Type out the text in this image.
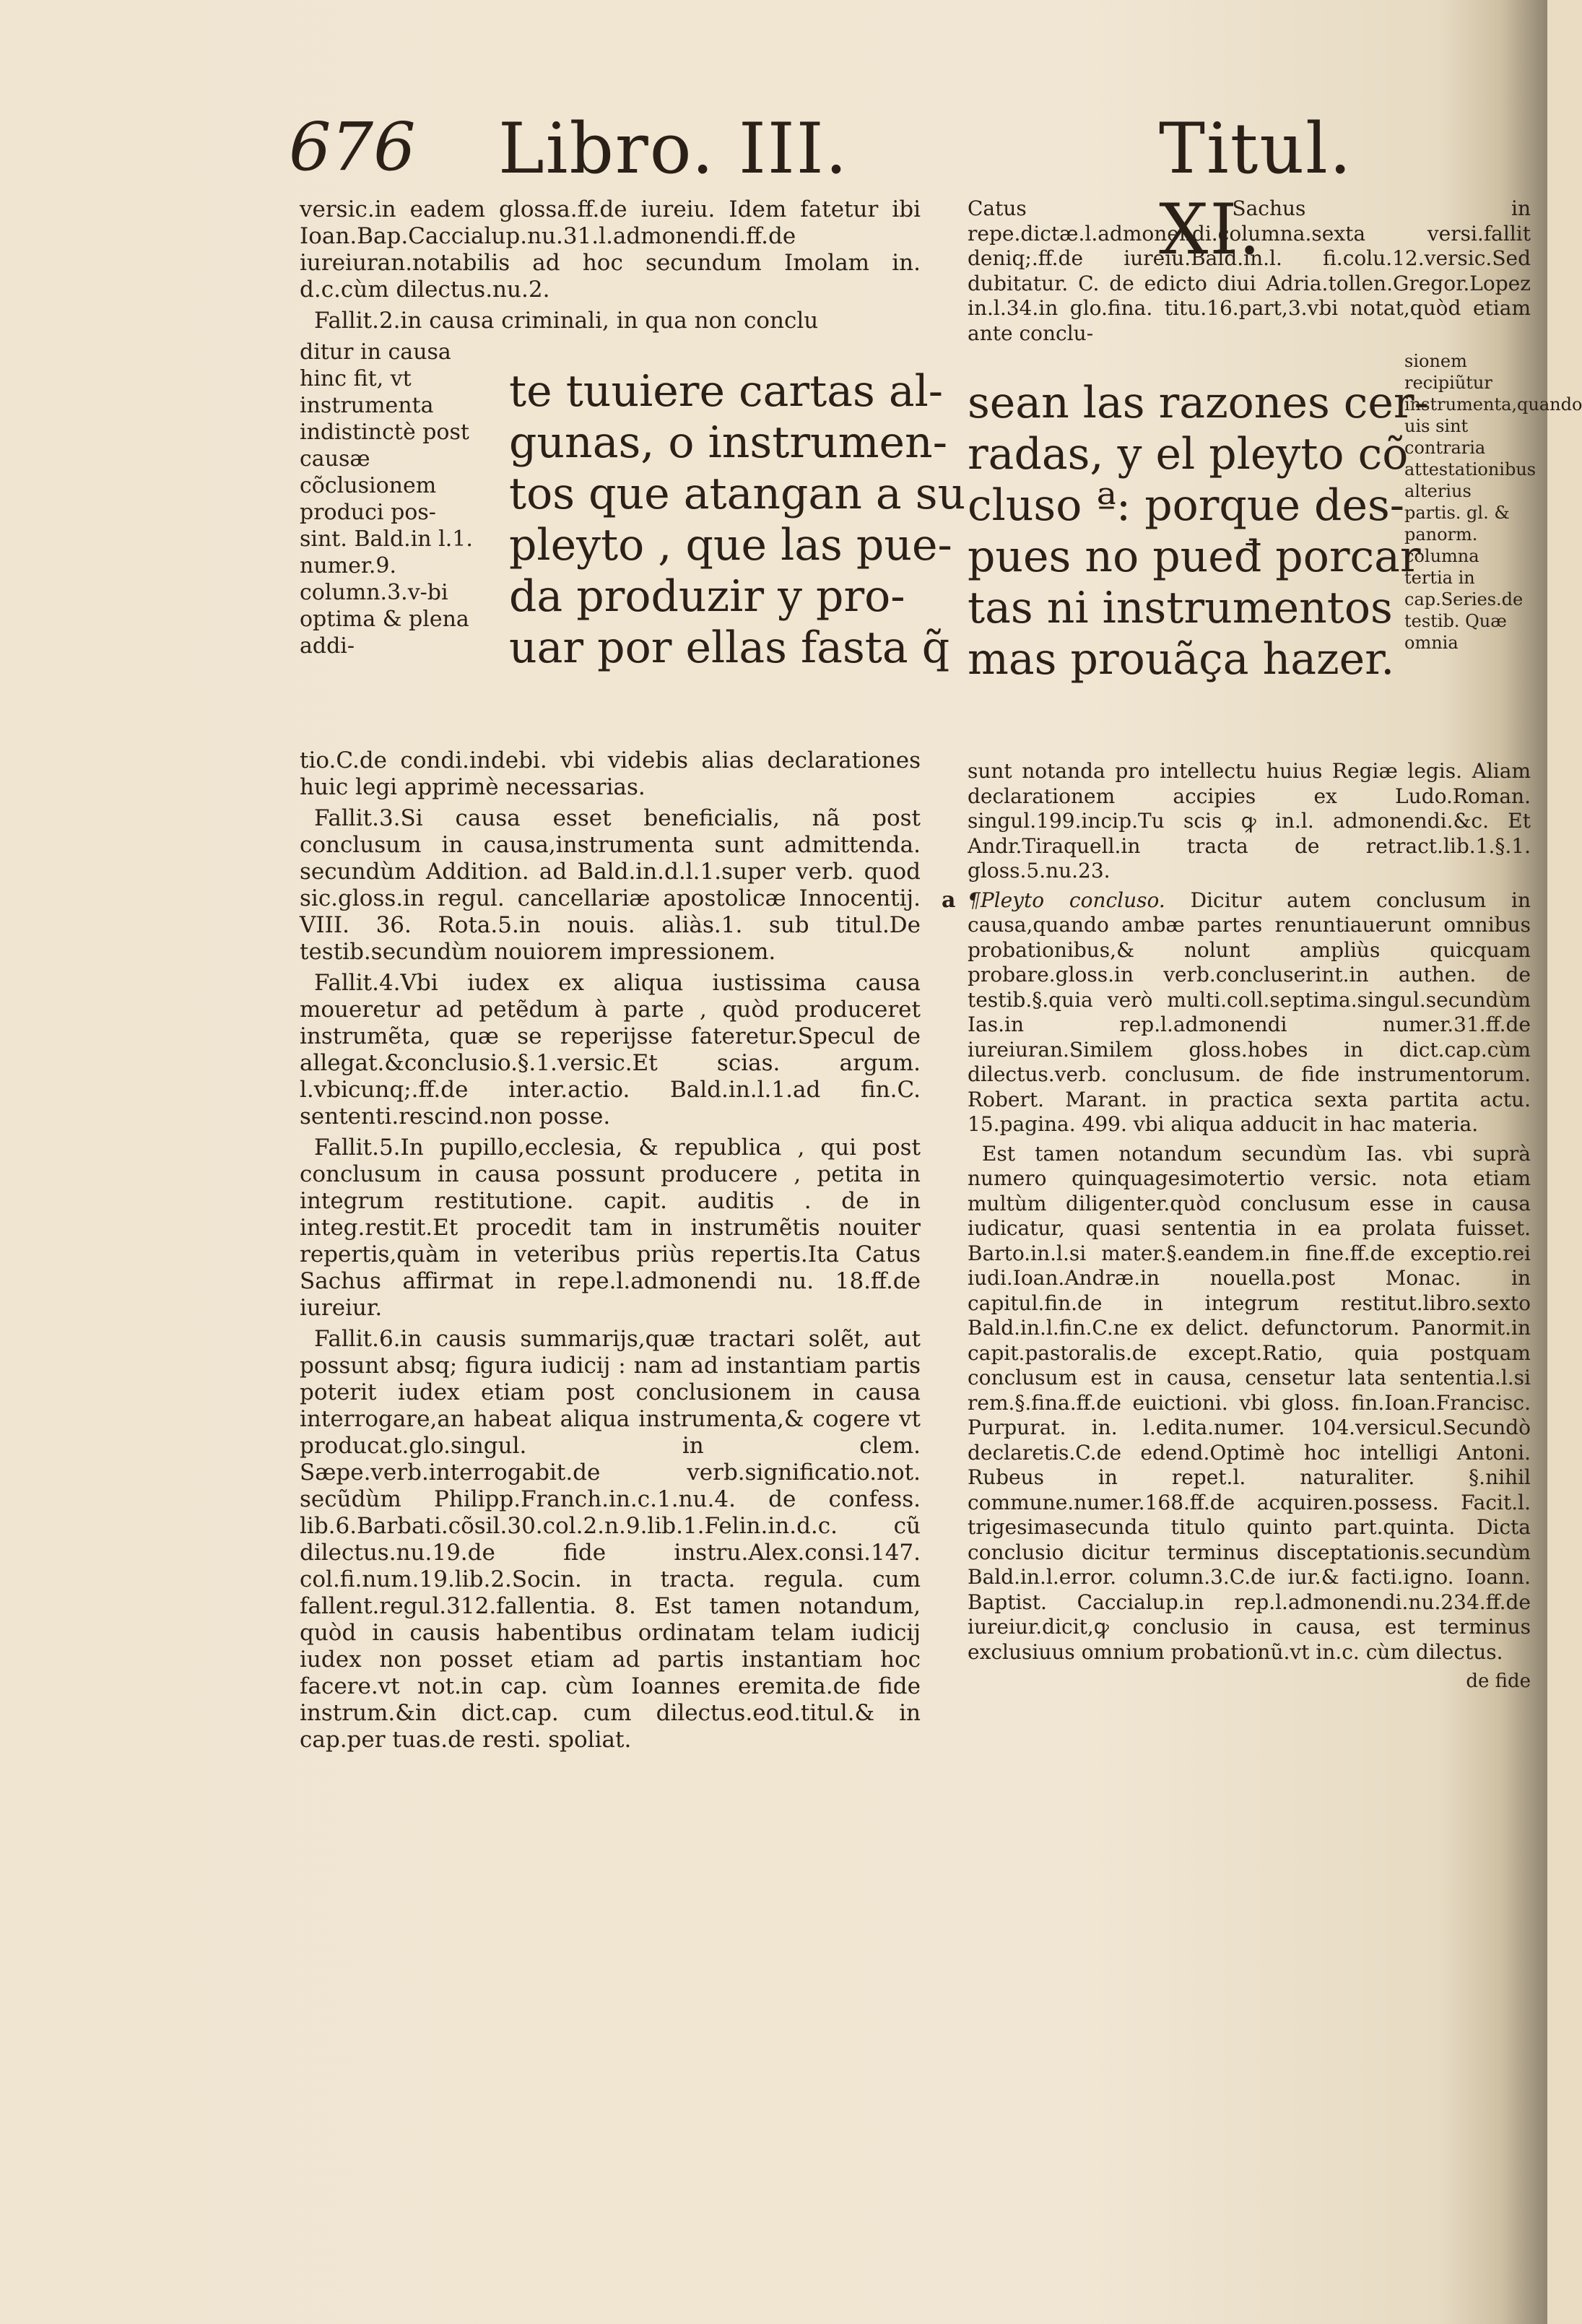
676 Libro. III.	Titul. XI.

versic.in eadem glossa.ff.de iureiu. Idem fatetur ibi Ioan.Bap.Caccialup.nu.31.l.admonendi.ff.de iureiuran.notabilis ad hoc secundum Imolam in. d.c.cùm dilectus.nu.2.

Fallit.2.in causa criminali, in qua non conclu

ditur in causa hinc fit, vt instrumenta indistinctè post causæ cõclusionem produci pos-sint. Bald.in l.1. numer.9. column.3.v-bi optima & plena addi-
te tuuiere cartas al-
gunas, o instrumen-
tos que atangan a su
pleyto , que las pue-
da produzir y pro-
uar por ellas fasta q̃

tio.C.de condi.indebi. vbi videbis alias declarationes huic legi apprimè necessarias.

Fallit.3.Si causa esset beneficialis, nã post conclusum in causa,instrumenta sunt admittenda. secundùm Addition. ad Bald.in.d.l.1.super verb. quod sic.gloss.in regul. cancellariæ apostolicæ Innocentij. VIII. 36. Rota.5.in nouis. aliàs.1. sub titul.De testib.secundùm nouiorem impressionem.

Fallit.4.Vbi iudex ex aliqua iustissima causa moueretur ad petẽdum à parte , quòd produceret instrumẽta, quæ se reperijsse fateretur.Specul de allegat.&conclusio.§.1.versic.Et scias. argum. l.vbicunq;.ff.de inter.actio. Bald.in.l.1.ad fin.C. sententi.rescind.non posse.

Fallit.5.In pupillo,ecclesia, & republica , qui post conclusum in causa possunt producere , petita in integrum restitutione. capit. auditis . de in integ.restit.Et procedit tam in instrumẽtis nouiter repertis,quàm in veteribus priùs repertis.Ita Catus Sachus affirmat in repe.l.admonendi nu. 18.ff.de iureiur.

Fallit.6.in causis summarijs,quæ tractari solẽt, aut possunt absq; figura iudicij : nam ad instantiam partis poterit iudex etiam post conclusionem in causa interrogare,an habeat aliqua instrumenta,& cogere vt producat.glo.singul. in clem. Sæpe.verb.interrogabit.de verb.significatio.not. secũdùm Philipp.Franch.in.c.1.nu.4. de confess. lib.6.Barbati.cõsil.30.col.2.n.9.lib.1.Felin.in.d.c. cũ dilectus.nu.19.de fide instru.Alex.consi.147. col.fi.num.19.lib.2.Socin. in tracta. regula. cum fallent.regul.312.fallentia. 8. Est tamen notandum, quòd in causis habentibus ordinatam telam iudicij iudex non posset etiam ad partis instantiam hoc facere.vt not.in cap. cùm Ioannes eremita.de fide instrum.&in dict.cap. cum dilectus.eod.titul.& in cap.per tuas.de resti. spoliat.

Catus Sachus in repe.dictæ.l.admonendi.columna.sexta versi.fallit deniq;.ff.de iureiu.Bald.in.l. fi.colu.12.versic.Sed dubitatur. C. de edicto diui Adria.tollen.Gregor.Lopez in.l.34.in glo.fina. titu.16.part,3.vbi notat,quòd etiam ante conclu-

sean las razones cer-
radas, y el pleyto cõ
cluso ª: porque des-
pues no pueđ porcar
tas ni instrumentos
mas prouãça hazer.
sionem recipiũtur instrumenta,quando uis sint contraria attestationibus alterius partis. gl. & panorm. columna tertia in cap.Series.de testib. Quæ omnia

sunt notanda pro intellectu huius Regiæ legis. Aliam declarationem accipies ex Ludo.Roman. singul.199.incip.Tu scis ꝙ in.l. admonendi.&c. Et Andr.Tiraquell.in tracta de retract.lib.1.§.1. gloss.5.nu.23.

a ¶Pleyto concluso. Dicitur autem conclusum in causa,quando ambæ partes renuntiauerunt omnibus probationibus,& nolunt ampliùs quicquam probare.gloss.in verb.concluserint.in authen. de testib.§.quia verò multi.coll.septima.singul.secundùm Ias.in rep.l.admonendi numer.31.ff.de iureiuran.Similem gloss.hobes in dict.cap.cùm dilectus.verb. conclusum. de fide instrumentorum. Robert. Marant. in practica sexta partita actu. 15.pagina. 499. vbi aliqua adducit in hac materia.

Est tamen notandum secundùm Ias. vbi suprà numero quinquagesimotertio versic. nota etiam multùm diligenter.quòd conclusum esse in causa iudicatur, quasi sententia in ea prolata fuisset. Barto.in.l.si mater.§.eandem.in fine.ff.de exceptio.rei iudi.Ioan.Andræ.in nouella.post Monac. in capitul.fin.de in integrum restitut.libro.sexto Bald.in.l.fin.C.ne ex delict. defunctorum. Panormit.in capit.pastoralis.de except.Ratio, quia postquam conclusum est in causa, censetur lata sententia.l.si rem.§.fina.ff.de euictioni. vbi gloss. fin.Ioan.Francisc. Purpurat. in. l.edita.numer. 104.versicul.Secundò declaretis.C.de edend.Optimè hoc intelligi Antoni. Rubeus in repet.l. naturaliter. §.nihil commune.numer.168.ff.de acquiren.possess. Facit.l. trigesimasecunda titulo quinto part.quinta. Dicta conclusio dicitur terminus disceptationis.secundùm Bald.in.l.error. column.3.C.de iur.& facti.igno. Ioann. Baptist. Caccialup.in rep.l.admonendi.nu.234.ff.de iureiur.dicit,ꝙ conclusio in causa, est terminus exclusiuus omnium probationũ.vt in.c. cùm dilectus.

de fide
